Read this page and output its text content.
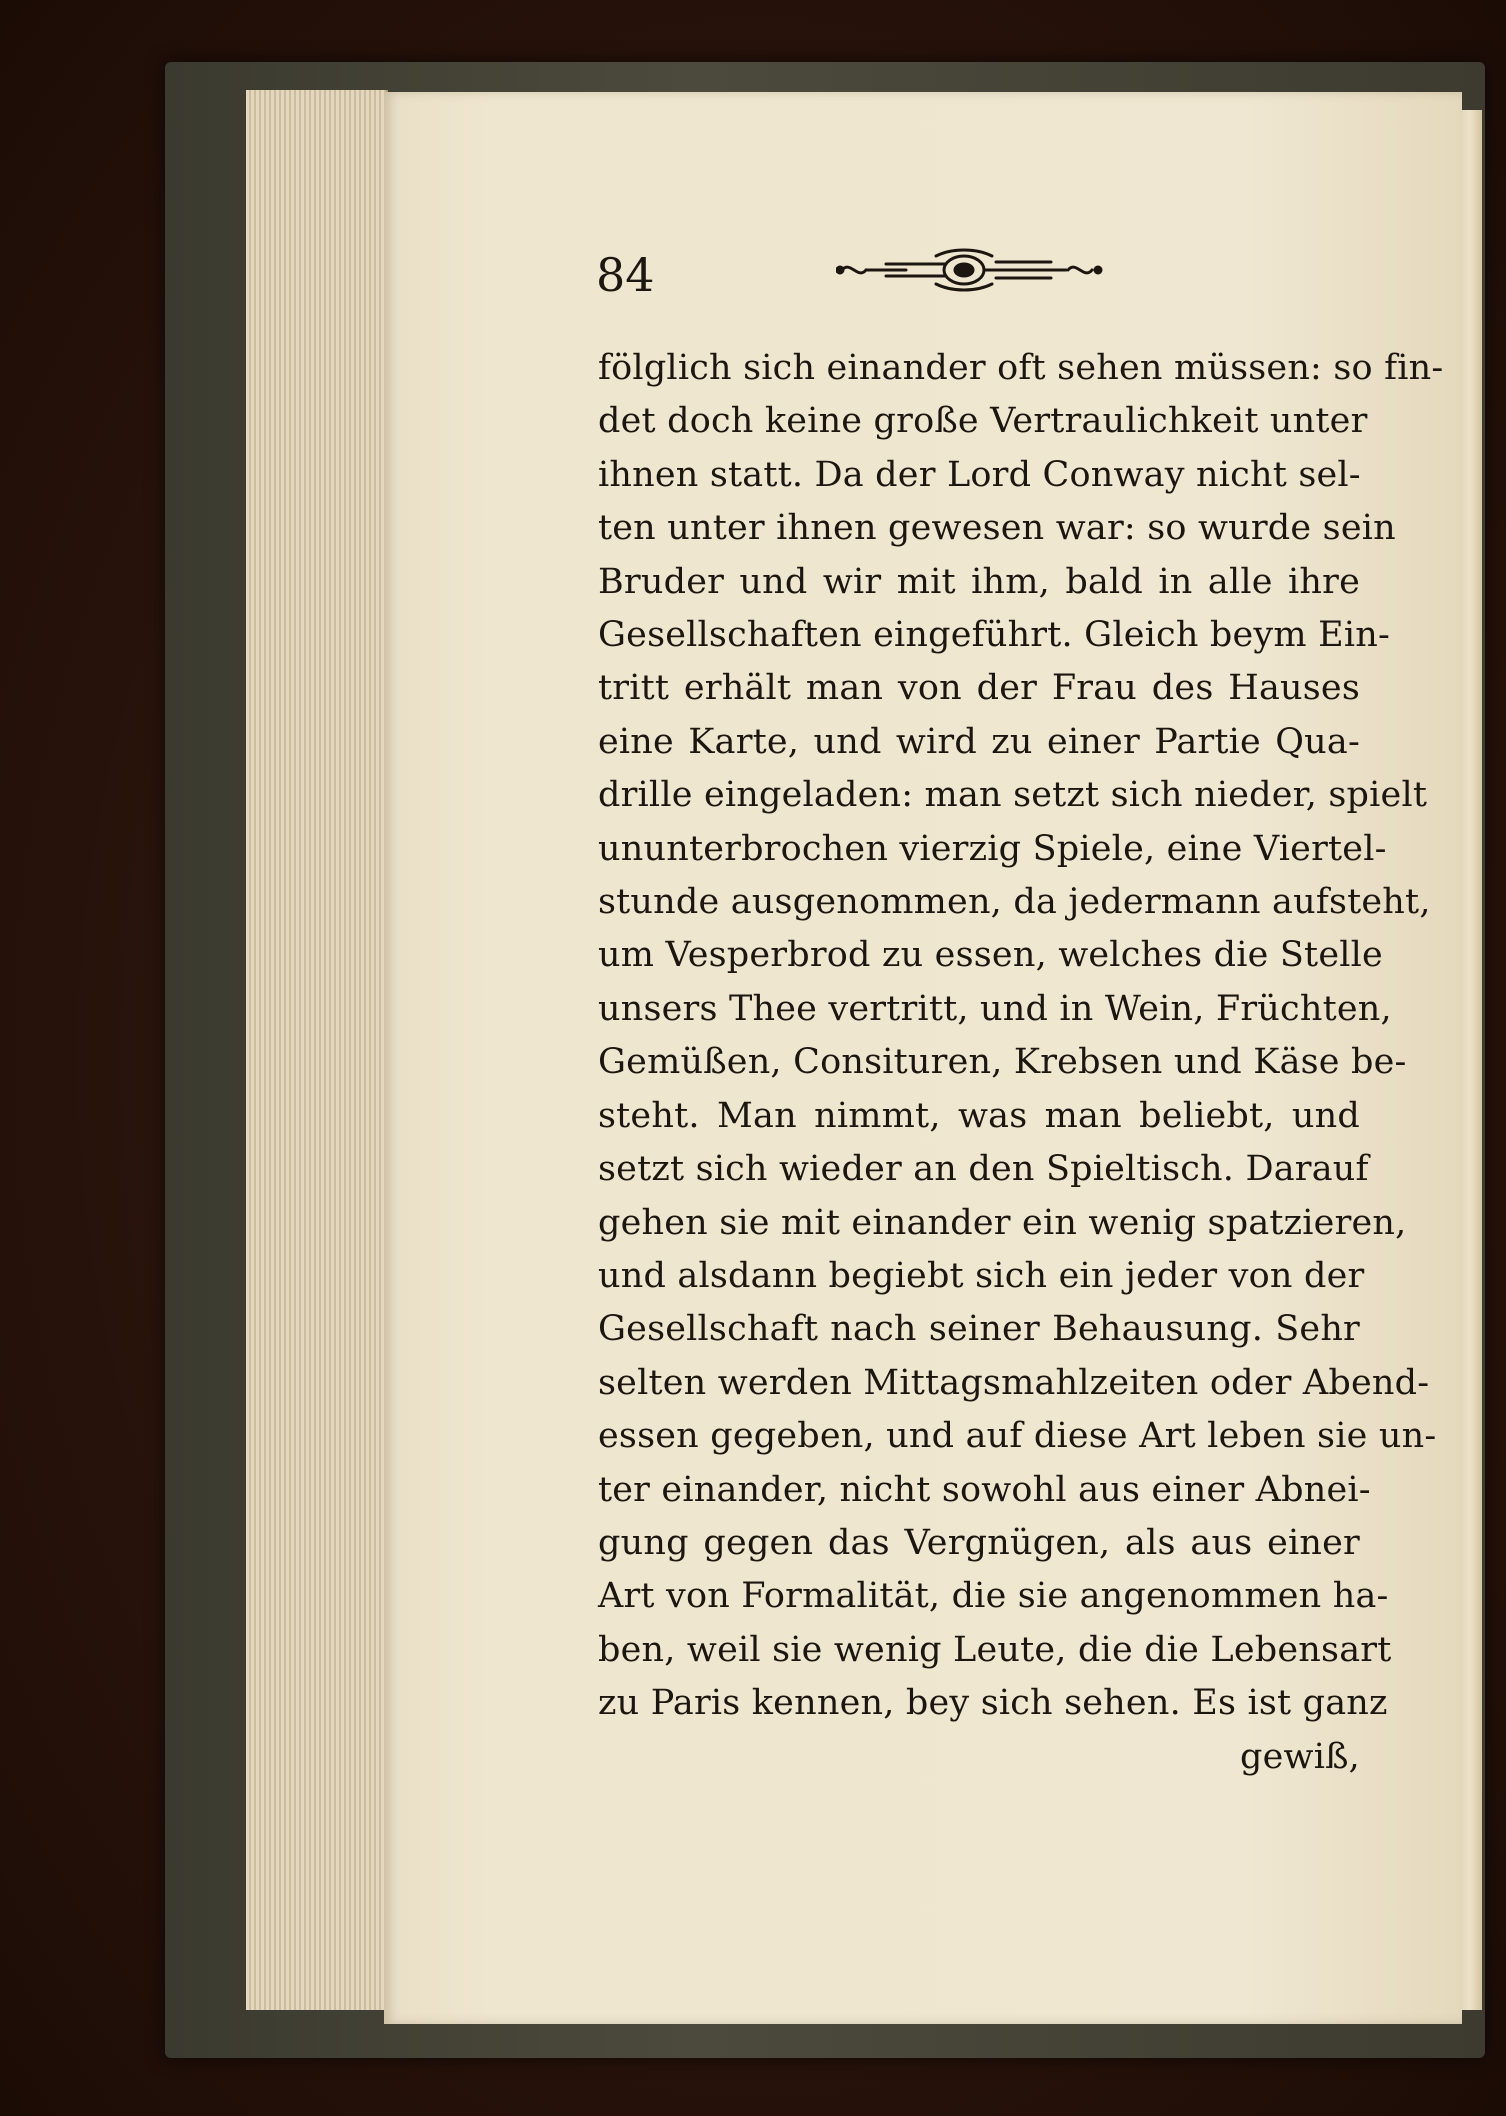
84
fölglich sich einander oft sehen müssen: so fin-
det doch keine große Vertraulichkeit unter
ihnen statt. Da der Lord Conway nicht sel-
ten unter ihnen gewesen war: so wurde sein
Bruder und wir mit ihm, bald in alle ihre
Gesellschaften eingeführt. Gleich beym Ein-
tritt erhält man von der Frau des Hauses
eine Karte, und wird zu einer Partie Qua-
drille eingeladen: man setzt sich nieder, spielt
ununterbrochen vierzig Spiele, eine Viertel-
stunde ausgenommen, da jedermann aufsteht,
um Vesperbrod zu essen, welches die Stelle
unsers Thee vertritt, und in Wein, Früchten,
Gemüßen, Consituren, Krebsen und Käse be-
steht. Man nimmt, was man beliebt, und
setzt sich wieder an den Spieltisch. Darauf
gehen sie mit einander ein wenig spatzieren,
und alsdann begiebt sich ein jeder von der
Gesellschaft nach seiner Behausung. Sehr
selten werden Mittagsmahlzeiten oder Abend-
essen gegeben, und auf diese Art leben sie un-
ter einander, nicht sowohl aus einer Abnei-
gung gegen das Vergnügen, als aus einer
Art von Formalität, die sie angenommen ha-
ben, weil sie wenig Leute, die die Lebensart
zu Paris kennen, bey sich sehen. Es ist ganz
gewiß,
